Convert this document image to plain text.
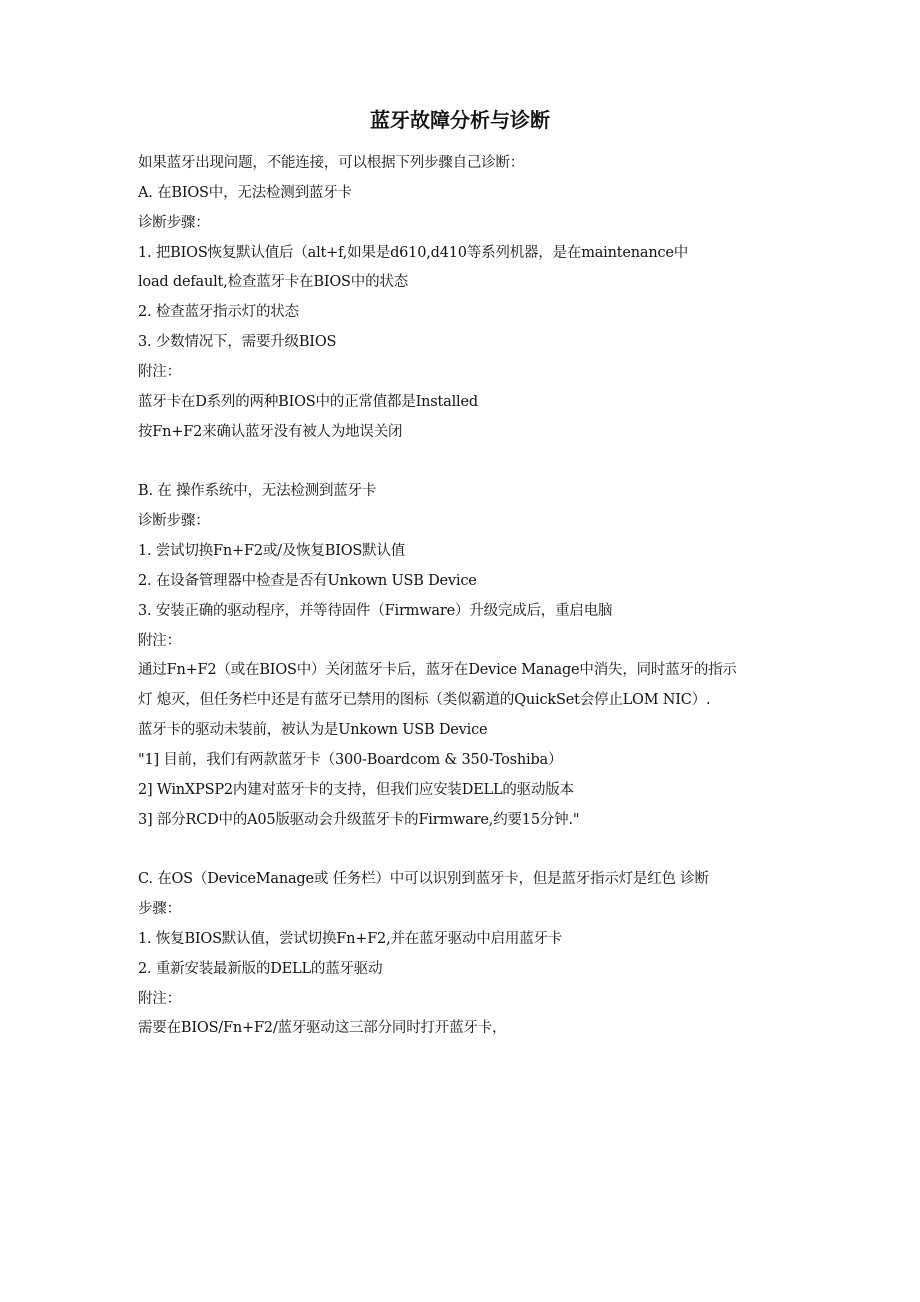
蓝牙故障分析与诊断
如果蓝牙出现问题，不能连接，可以根据下列步骤自己诊断：
A. 在BIOS中，无法检测到蓝牙卡
诊断步骤：
1. 把BIOS恢复默认值后（alt+f,如果是d610,d410等系列机器，是在maintenance中
load default,检查蓝牙卡在BIOS中的状态
2. 检查蓝牙指示灯的状态
3. 少数情况下，需要升级BIOS
附注：
蓝牙卡在D系列的两种BIOS中的正常值都是Installed
按Fn+F2来确认蓝牙没有被人为地误关闭
B. 在 操作系统中，无法检测到蓝牙卡
诊断步骤：
1. 尝试切换Fn+F2或/及恢复BIOS默认值
2. 在设备管理器中检查是否有Unkown USB Device
3. 安装正确的驱动程序，并等待固件（Firmware）升级完成后，重启电脑
附注：
通过Fn+F2（或在BIOS中）关闭蓝牙卡后，蓝牙在Device Manage中消失，同时蓝牙的指示
灯 熄灭，但任务栏中还是有蓝牙已禁用的图标（类似霸道的QuickSet会停止LOM NIC）.
蓝牙卡的驱动未装前，被认为是Unkown USB Device
"1] 目前，我们有两款蓝牙卡（300-Boardcom & 350-Toshiba）
2] WinXPSP2内建对蓝牙卡的支持，但我们应安装DELL的驱动版本
3] 部分RCD中的A05版驱动会升级蓝牙卡的Firmware,约要15分钟."
C. 在OS（DeviceManage或 任务栏）中可以识别到蓝牙卡，但是蓝牙指示灯是红色 诊断
步骤：
1. 恢复BIOS默认值，尝试切换Fn+F2,并在蓝牙驱动中启用蓝牙卡
2. 重新安装最新版的DELL的蓝牙驱动
附注：
需要在BIOS/Fn+F2/蓝牙驱动这三部分同时打开蓝牙卡，
